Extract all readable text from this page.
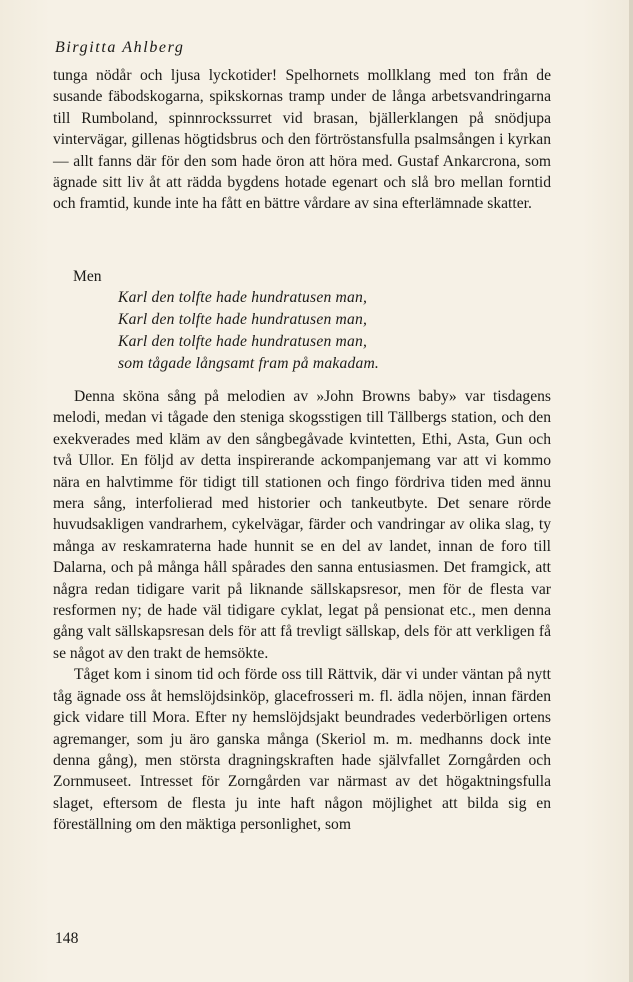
Birgitta Ahlberg

tunga nödår och ljusa lyckotider! Spelhornets mollklang med ton från de susande fäbodskogarna, spikskornas tramp under de långa arbetsvandringarna till Rumboland, spinnrockssurret vid brasan, bjällerklangen på snödjupa vintervägar, gillenas högtidsbrus och den förtröstansfulla psalmsången i kyrkan — allt fanns där för den som hade öron att höra med. Gustaf Ankarcrona, som ägnade sitt liv åt att rädda bygdens hotade egenart och slå bro mellan forntid och framtid, kunde inte ha fått en bättre vårdare av sina efterlämnade skatter.

Men
Karl den tolfte hade hundratusen man,
Karl den tolfte hade hundratusen man,
Karl den tolfte hade hundratusen man,
som tågade långsamt fram på makadam.

Denna sköna sång på melodien av »John Browns baby» var tisdagens melodi, medan vi tågade den steniga skogsstigen till Tällbergs station, och den exekverades med kläm av den sångbegåvade kvintetten, Ethi, Asta, Gun och två Ullor. En följd av detta inspirerande ackompanjemang var att vi kommo nära en halvtimme för tidigt till stationen och fingo fördriva tiden med ännu mera sång, interfolierad med historier och tankeutbyte. Det senare rörde huvudsakligen vandrarhem, cykelvägar, färder och vandringar av olika slag, ty många av reskamraterna hade hunnit se en del av landet, innan de foro till Dalarna, och på många håll spårades den sanna entusiasmen. Det framgick, att några redan tidigare varit på liknande sällskapsresor, men för de flesta var resformen ny; de hade väl tidigare cyklat, legat på pensionat etc., men denna gång valt sällskapsresan dels för att få trevligt sällskap, dels för att verkligen få se något av den trakt de hemsökte.

Tåget kom i sinom tid och förde oss till Rättvik, där vi under väntan på nytt tåg ägnade oss åt hemslöjdsinköp, glacefrosseri m. fl. ädla nöjen, innan färden gick vidare till Mora. Efter ny hemslöjdsjakt beundrades vederbörligen ortens agremanger, som ju äro ganska många (Skeriol m. m. medhanns dock inte denna gång), men största dragningskraften hade självfallet Zorngården och Zornmuseet. Intresset för Zorngården var närmast av det högaktningsfulla slaget, eftersom de flesta ju inte haft någon möjlighet att bilda sig en föreställning om den mäktiga personlighet, som

148
